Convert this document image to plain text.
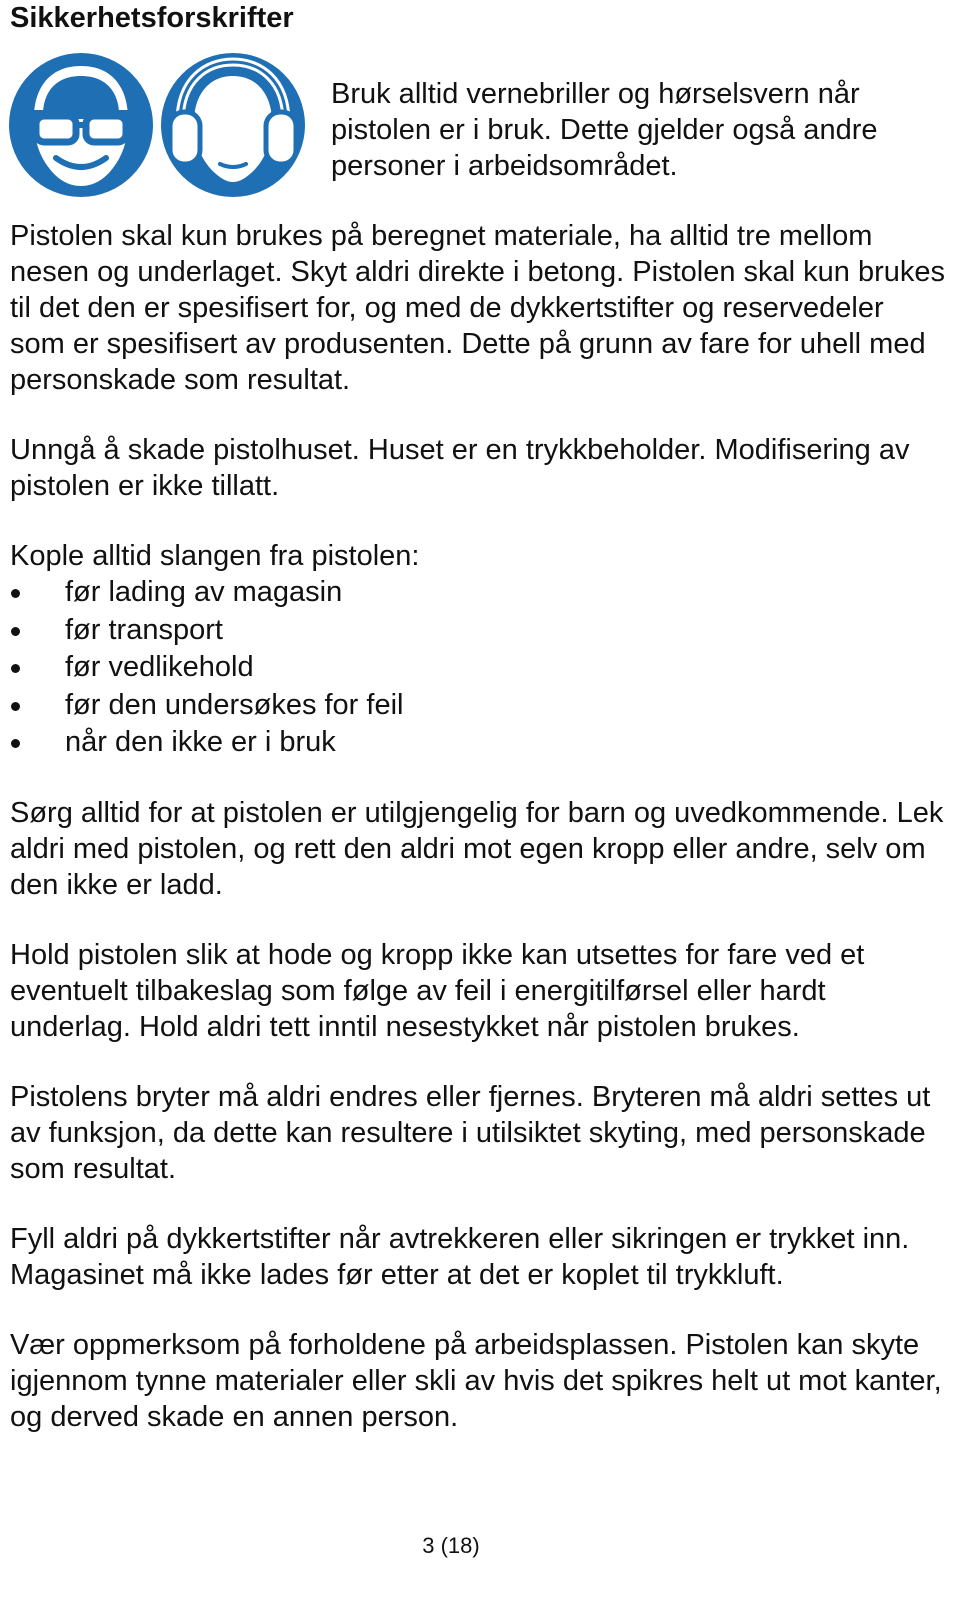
Sikkerhetsforskrifter

Bruk alltid vernebriller og hørselsvern når pistolen er i bruk. Dette gjelder også andre personer i arbeidsområdet.

Pistolen skal kun brukes på beregnet materiale, ha alltid tre mellom nesen og underlaget. Skyt aldri direkte i betong. Pistolen skal kun brukes til det den er spesifisert for, og med de dykkertstifter og reservedeler som er spesifisert av produsenten. Dette på grunn av fare for uhell med personskade som resultat.

Unngå å skade pistolhuset. Huset er en trykkbeholder. Modifisering av pistolen er ikke tillatt.

Kople alltid slangen fra pistolen:

før lading av magasin
før transport
før vedlikehold
før den undersøkes for feil
når den ikke er i bruk

Sørg alltid for at pistolen er utilgjengelig for barn og uvedkommende. Lek aldri med pistolen, og rett den aldri mot egen kropp eller andre, selv om den ikke er ladd.

Hold pistolen slik at hode og kropp ikke kan utsettes for fare ved et eventuelt tilbakeslag som følge av feil i energitilførsel eller hardt underlag. Hold aldri tett inntil nesestykket når pistolen brukes.

Pistolens bryter må aldri endres eller fjernes. Bryteren må aldri settes ut av funksjon, da dette kan resultere i utilsiktet skyting, med personskade som resultat.

Fyll aldri på dykkertstifter når avtrekkeren eller sikringen er trykket inn. Magasinet må ikke lades før etter at det er koplet til trykkluft.

Vær oppmerksom på forholdene på arbeidsplassen. Pistolen kan skyte igjennom tynne materialer eller skli av hvis det spikres helt ut mot kanter, og derved skade en annen person.

3 (18)
